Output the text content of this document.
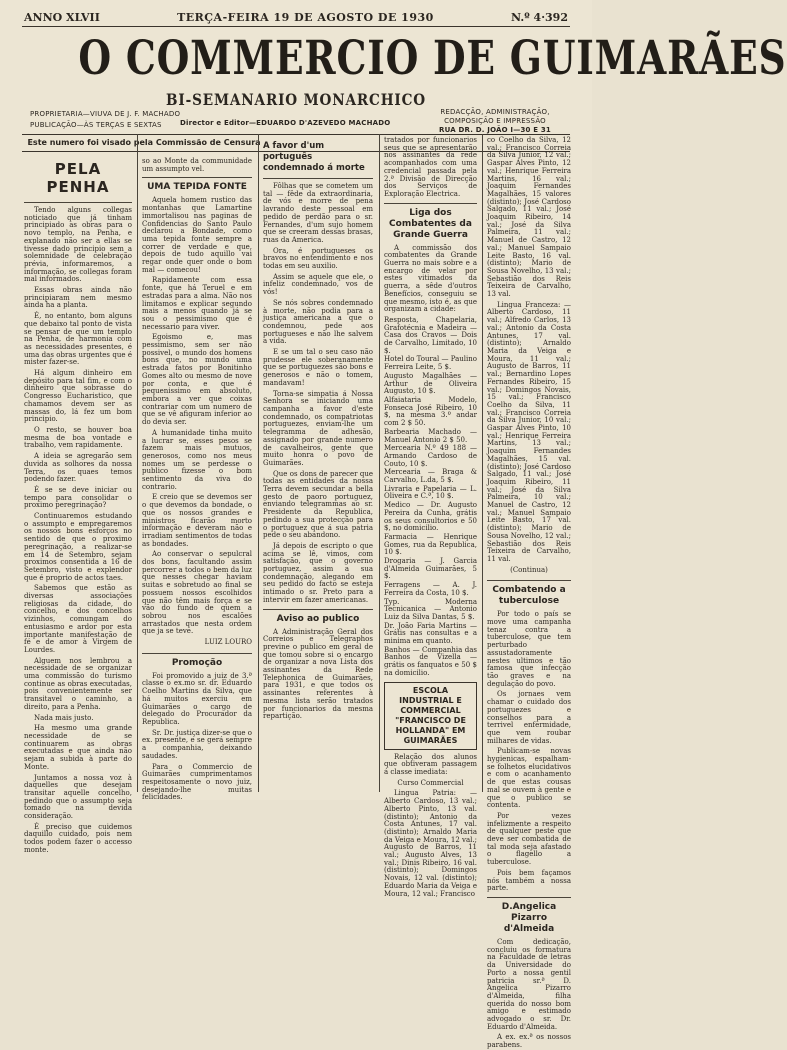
ANNO XLVII	TERÇA-FEIRA 19 DE AGOSTO DE 1930	N.º 4·392
O COMMERCIO DE GUIMARÃES
BI-SEMANARIO MONARCHICO
PROPRIETARIA—VIUVA DE J. F. MACHADO
PUBLICAÇÃO—ÀS TERÇAS E SEXTAS	Director e Editor—EDUARDO D'AZEVEDO MACHADO
REDACÇÃO, ADMINISTRAÇÃO, COMPOSIÇÃO E IMPRESSÃO
RUA DR. D. JOÃO I—30 E 31
Este numero foi visado pela Commissão de Censura
PELA PENHA

Tendo alguns collegas noticiado que já tinham principiado as obras para o novo templo, na Penha, e explanado não ser a ellas se tivesse dado principio sem a solemnidade de celebração prévia, informaremos, a informação, se collegas foram mal informados.

Essas obras ainda não principiaram nem mesmo ainda ha a planta.

É, no entanto, bom alguns que debaixo tal ponto de vista se pensar de que um templo na Penha, de harmonia com as necessidades presentes, é uma das obras urgentes que é mister fazer-se.

Há algum dinheiro em depósito para tal fim, e com o dinheiro que sobrasse do Congresso Eucharistico, que chamamos devem ser as massas do, lá fez um bom principio.

O resto, se houver boa mesma de boa vontade e trabalho, vem rapidamente.

A ideia se agregarão sem duvida as solhores da nossa Terra, os quaes temos podendo fazer.

É se se deve iniciar ou tempo para consolidar o proximo peregrinação?

Continuaremos estudando o assumpto e empregaremos os nossos bons esforços no sentido de que o proximo peregrinação, a realizar-se em 14 de Setembro, sejam proximos consentida a 16 de Setembro, visto e explendor que é proprio de actos taes.

Sabemos que estão as diversas associações religiosas da cidade, do concelho, e dos concelhos vizinhos, comungam do entusiasmo e ardor por esta importante manifestação de fé e de amor à Virgem de Lourdes.

Alguem nos lembrou a necessidade de se organizar uma commissão do turismo continue as obras executadas, pois convenientemente ser transitavel o caminho, a direito, para a Penha.

Nada mais justo.

Ha mesmo uma grande necessidade de se continuarem as obras executadas e que ainda não sejam a subida à parte do Monte.

Juntamos a nossa voz à daquelles que desejam transitar aquelle concelho, pedindo que o assumpto seja tomado na devida consideração.

É preciso que cuidemos daquillo cuidado, pois nem todos podem fazer o accesso monte.

so ao Monte da communidade um assumpto vel.

UMA TEPIDA FONTE

Aquela homem rustico das montanhas que Lamartine immortalisou nas paginas de Confidencias do Santo Paulo declarou a Bondade, como uma tepida fonte sempre a correr de verdade e que, depois de tudo aquillo vai regar onde quer onde o bom mal — comecou!

Rapidamente com essa fonte, que há Teruel e em estradas para a alma. Não nos limitamos e explicar segundo mais a menos quando já se sou o pessimismo que é necessario para viver.

Egoismo e, mas pessimismo, sem ser não possivel, o mundo dos homens bons que, no mundo uma estrada fatos por Bonitinho Gomes alto ou mesmo de nove por conta, e que é pequenissimo em absoluto, embora a ver que coixas contrariar com um numero de que se vê afiguram inferior ao do devia ser.

A humanidade tinha muito a lucrar se, esses pesos se fazem mais mutuos, generosos, como nos meus nomes um se perdesse o publico fizesse o bom sentimento da viva do contrario.

E creio que se devemos ser o que devemos da bondade, o que os nossos grandes e ministros ficarão morto informação e deveram não e irradiam sentimentos de todas as bondades.

Ao conservar o sepulcral dos bons, facultando assim percorrer a todos o bem da luz que nesses chegar haviam suitas e sobretudo ao final se possuem nossos escolhidos que não têm mais força e se vão do fundo de quem a sobrou nos escalões arrastados que nesta ordem que ja se teve.

LUIZ LOURO
Promoção

Foi promovido a juiz de 3.ª classe o ex.mo sr. dr. Eduardo Coelho Martins da Silva, que há muitos exerciu em Guimarães o cargo de delegado do Procurador da Republica.

Sr. Dr. justiça dizer-se que o ex. presente, e se gerá sempre a companhia, deixando saudades.

Para o Commercio de Guimarães cumprimentamos respeitosamente o novo juiz, desejando-lhe muitas felicidades.

A favor d'um português condemnado á morte

Fôlhas que se cometem um tal — fêde da extraordinaria, de vós e morre de pena lavrando deste pessoal em pedido de perdão para o sr. Fernandes, d'um sujo homem que se creeram dessas brasas, ruas da America.

Ora, é portugueses os bravos no entendimento e nos todas em seu auxilio.

Assim se aquele que ele, o infeliz condemnado, vos de vós!

Se nós sobres condemnado à morte, não podia para a justiça americana a que o condemnou, pede aos portugueses e não lhe salvem a vida.

E se um tal o seu caso não prudesse ele soberanamente que se portuguezes são bons e generosos e não o tomem, mandavam!

Torna-se simpatia á Nossa Senhora se iniciando uma campanha a favor d'este condemnado, os compatriotas portuguezes, enviam-lhe um telegramma de adhesão, assignado por grande numero de cavalheiros, gente que muito honra o povo de Guimarães.

Que os dons de parecer que todas as entidades da nossa Terra devem secundar a bella gesto de paoro portuguez, enviando telegrammas ao sr. Presidente da Republica, pedindo a sua protecção para o portuguez que á sua patria pede o seu abandono.

Já depois de escripto o que acima se lê, vimos, com satisfação, que o governo portuguez, assim a sua condemnação, alegando em seu pedido do facto se esteja intimado o sr. Preto para a intervir em fazer americanas.

Aviso ao publico

A Administração Geral dos Correios e Telegraphos previne o publico em geral de que tomou sobre si o encargo de organizar a nova Lista dos assinantes da Rede Telephonica de Guimarães, para 1931, e que todos os assinantes referentes à mesma lista serão tratados por funcionarios da mesma repartição.

tratados por funcionarios seus que se apresentarão nos assinantes da rede acompanhados com uma credencial passada pela 2.ª Divisão de Direcção dos Serviços de Exploração Electrica.

Liga dos Combatentes da Grande Guerra

A commissão dos combatentes da Grande Guerra no mais sobre e a encargo de velar por estes vitimados da guerra, a sêde d'outros Benefícios, conseguiu se que mesmo, isto é, as que organizam a cidade:

Resposta, Chapelaria, Grafotécnia e Madeira — Casa dos Cravos — Dois de Carvalho, Limitado, 10 $.
Hotel do Toural — Paulino Ferreira Leite, 5 $.
Augusto Magalhães — Arthur de Oliveira Augusto, 10 $.
Alfaiataria Modelo, Fonseca José Ribeiro, 10 $, na mesma 3.º andar com 2 $ 50.
Barbearia Machado — Manuel Antonio 2 $ 50.
Mercearia N.º 49 188 — Armando Cardoso de Couto, 10 $.
Mercearia — Braga & Carvalho, L.da, 5 $.
Livraria e Papelaria — L. Oliveira e C.ª, 10 $.
Medico — Dr. Augusto Pereira da Cunha, grátis os seus consultorios e 50 $, no domicilio.
Farmacia — Henrique Gomes, rua da Republica, 10 $.
Drogaria — J. Garcia d'Almeida Guimarães, 5 $.
Ferragens — A. J. Ferreira da Costa, 10 $.
Typ. Moderna Tecnicanica — Antonio Luiz da Silva Dantas, 5 $.
Dr. João Faria Martins — Grátis nas consultas e a minima em quanto.
Banhos — Companhia das Banhos de Vizella — grátis os fanquatos e 50 $ na domicilio.
ESCOLA INDUSTRIAL E COMMERCIAL "FRANCISCO DE HOLLANDA" EM GUIMARÃES

Relação dos alunos que obtiveram passagem á classe imediata:

Curso Commercial

Lingua Patria: — Alberto Cardoso, 13 val.; Alberto Pinto, 13 val. (distinto); Antonio da Costa Antunes, 17 val. (distinto); Arnaldo Maria da Veiga e Moura, 12 val.; Augusto de Barros, 11 val.; Augusto Alves, 13 val.; Dinis Ribeiro, 16 val. (distinto); Domingos Novais, 12 val. (distinto); Eduardo Maria da Veiga e Moura, 12 val.; Francisco

co Coelho da Silva, 12 val.; Francisco Correia da Silva Junior, 12 val.; Gaspar Alves Pinto, 12 val.; Henrique Ferreira Martins, 16 val.; Joaquim Fernandes Magalhães, 15 valores (distinto); José Cardoso Salgado, 11 val.; José Joaquim Ribeiro, 14 val.; José da Silva Palmeira, 11 val.; Manuel de Castro, 12 val.; Manuel Sampaio Leite Basto, 16 val. (distinto); Mario de Sousa Novelho, 13 val.; Sebastião dos Reis Teixeira de Carvalho, 13 val.

Lingua Franceza: — Alberto Cardoso, 11 val.; Alfredo Carlos, 13 val.; Antonio da Costa Antunes, 17 val. (distinto); Arnaldo Maria da Veiga e Moura, 11 val.; Augusto de Barros, 11 val.; Bernardino Lopes Fernandes Ribeiro, 15 val.; Domingos Novais, 15 val.; Francisco Coelho da Silva, 11 val.; Francisco Correia da Silva Junior, 10 val.; Gaspar Alves Pinto, 10 val.; Henrique Ferreira Martins, 13 val.; Joaquim Fernandes Magalhães, 15 val. (distinto); José Cardoso Salgado, 11 val.; José Joaquim Ribeiro, 11 val.; José da Silva Palmeira, 10 val.; Manuel de Castro, 12 val.; Manuel Sampaio Leite Basto, 17 val. (distinto); Mario de Sousa Novelho, 12 val.; Sebastião dos Reis Teixeira de Carvalho, 11 val.

(Continua)
Combatendo a tuberculose

Por todo o país se move uma campanha tenaz contra a tuberculose, que tem perturbado assustadoramente nestes ultimos e tão famosa que infecção tão graves e na degulação do povo.

Os jornaes vem chamar o cuidado dos portuguezes e conselhos para a terrivel enfermidade, que vem roubar milhares de vidas.

Publicam-se novas hygienicas, espalham-se folhetos elucidativos e com o acanhamento de que estas cousas mal se ouvem à gente e que o publico se contenta.

Por vezes infelizmente a respeito de qualquer peste que deve ser combatida de tal moda seja afastado o flagello a tuberculose.

Pois bem façamos nós também a nossa parte.

D.Angelica Pizarro d'Almeida

Com dedicação, concluiu os formatura na Faculdade de letras da Universidade do Porto a nossa gentil patricia sr.ª D. Angelica Pizarro d'Almeida, filha querida do nosso bom amigo e estimado advogado o sr. Dr. Eduardo d'Almeida.

A ex. ex.ª os nossos parabens.
